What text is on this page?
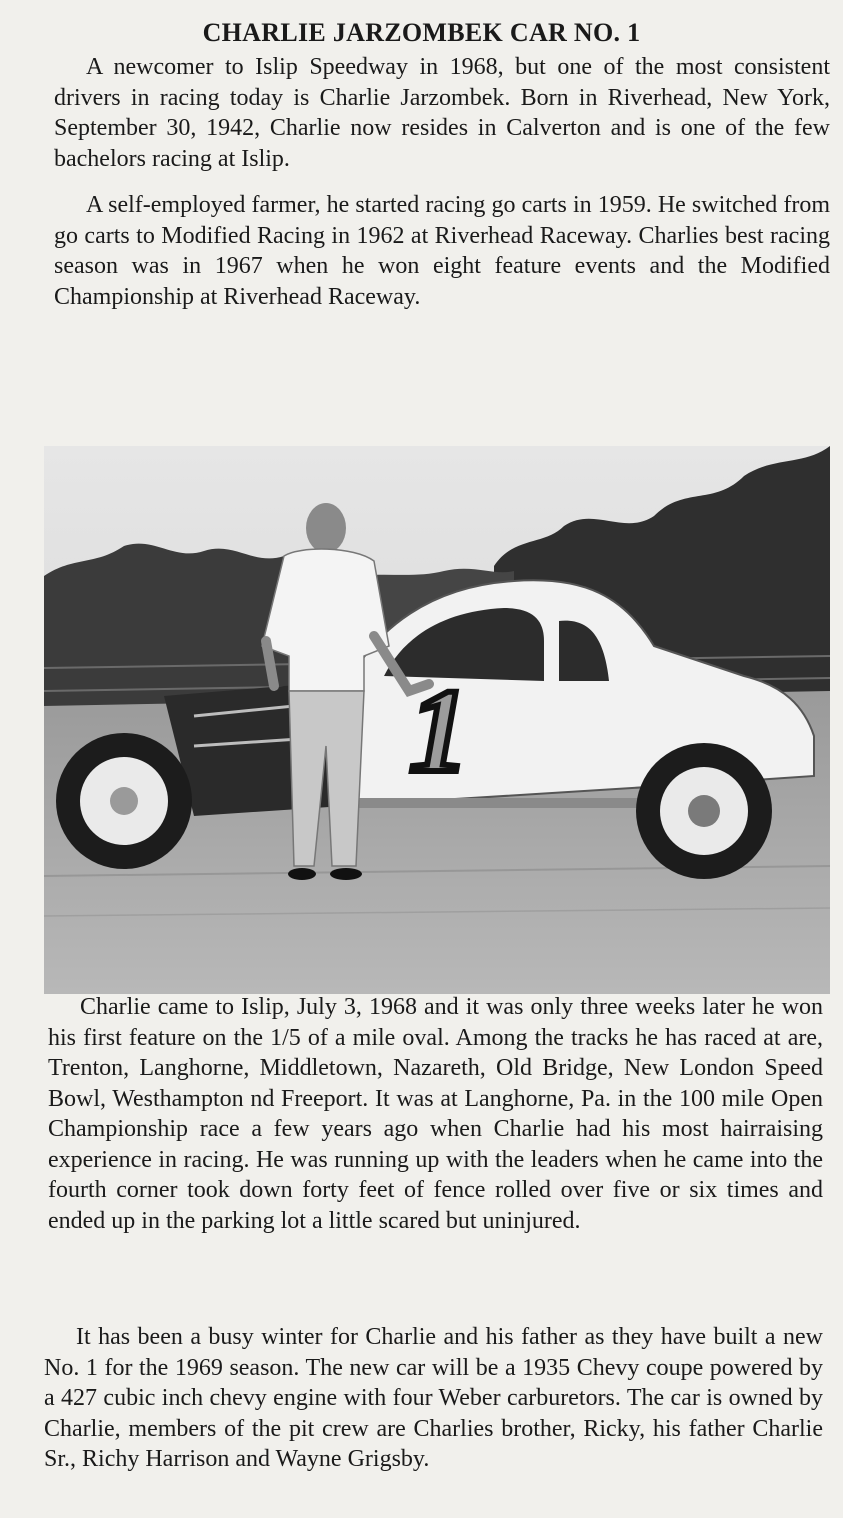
CHARLIE JARZOMBEK CAR NO. 1

A newcomer to Islip Speedway in 1968, but one of the most consistent drivers in racing today is Charlie Jarzombek. Born in Riverhead, New York, September 30, 1942, Charlie now resides in Calverton and is one of the few bachelors racing at Islip.

A self-employed farmer, he started racing go carts in 1959. He switched from go carts to Modified Racing in 1962 at Riverhead Raceway. Charlies best racing season was in 1967 when he won eight feature events and the Modified Championship at Riverhead Raceway.

1

Charlie came to Islip, July 3, 1968 and it was only three weeks later he won his first feature on the 1/5 of a mile oval. Among the tracks he has raced at are, Trenton, Langhorne, Middletown, Nazareth, Old Bridge, New London Speed Bowl, Westhampton nd Freeport. It was at Langhorne, Pa. in the 100 mile Open Championship race a few years ago when Charlie had his most hairraising experience in racing. He was running up with the leaders when he came into the fourth corner took down forty feet of fence rolled over five or six times and ended up in the parking lot a little scared but uninjured.

It has been a busy winter for Charlie and his father as they have built a new No. 1 for the 1969 season. The new car will be a 1935 Chevy coupe powered by a 427 cubic inch chevy engine with four Weber carburetors. The car is owned by Charlie, members of the pit crew are Charlies brother, Ricky, his father Charlie Sr., Richy Harrison and Wayne Grigsby.
